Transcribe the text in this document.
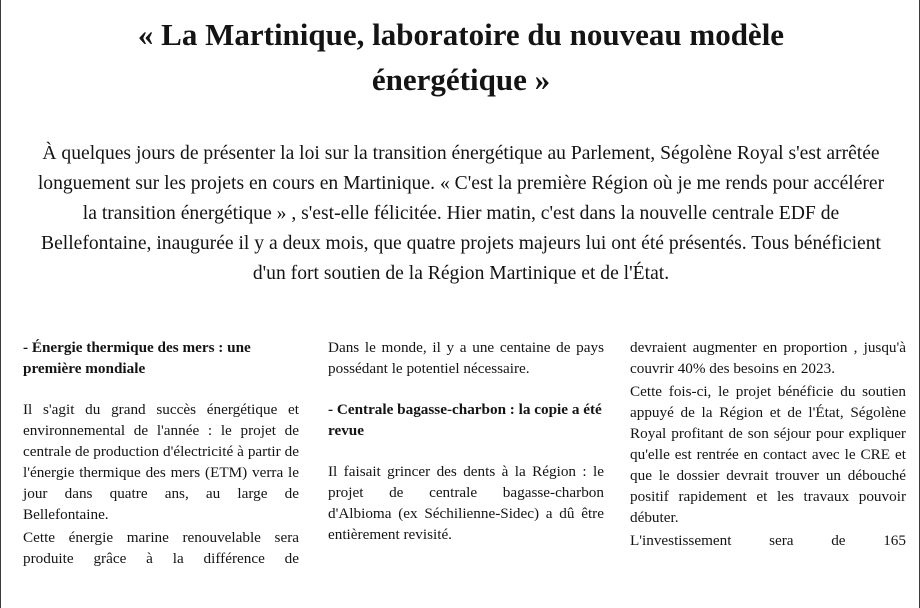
« La Martinique, laboratoire du nouveau modèle énergétique »

À quelques jours de présenter la loi sur la transition énergétique au Parlement, Ségolène Royal s'est arrêtée longuement sur les projets en cours en Martinique. « C'est la première Région où je me rends pour accélérer la transition énergétique » , s'est-elle félicitée. Hier matin, c'est dans la nouvelle centrale EDF de Bellefontaine, inaugurée il y a deux mois, que quatre projets majeurs lui ont été présentés. Tous bénéficient d'un fort soutien de la Région Martinique et de l'État.

- Énergie thermique des mers : une première mondiale

Il s'agit du grand succès énergétique et environnemental de l'année : le projet de centrale de production d'électricité à partir de l'énergie thermique des mers (ETM) verra le jour dans quatre ans, au large de Bellefontaine.

Cette énergie marine renouvelable sera produite grâce à la différence de

Dans le monde, il y a une centaine de pays possédant le potentiel nécessaire.

- Centrale bagasse-charbon : la copie a été revue

Il faisait grincer des dents à la Région : le projet de centrale bagasse-charbon d'Albioma (ex Séchilienne-Sidec) a dû être entièrement revisité.

devraient augmenter en proportion , jusqu'à couvrir 40% des besoins en 2023.

Cette fois-ci, le projet bénéficie du soutien appuyé de la Région et de l'État, Ségolène Royal profitant de son séjour pour expliquer qu'elle est rentrée en contact avec le CRE et que le dossier devrait trouver un débouché positif rapidement et les travaux pouvoir débuter.

L'investissement sera de 165
